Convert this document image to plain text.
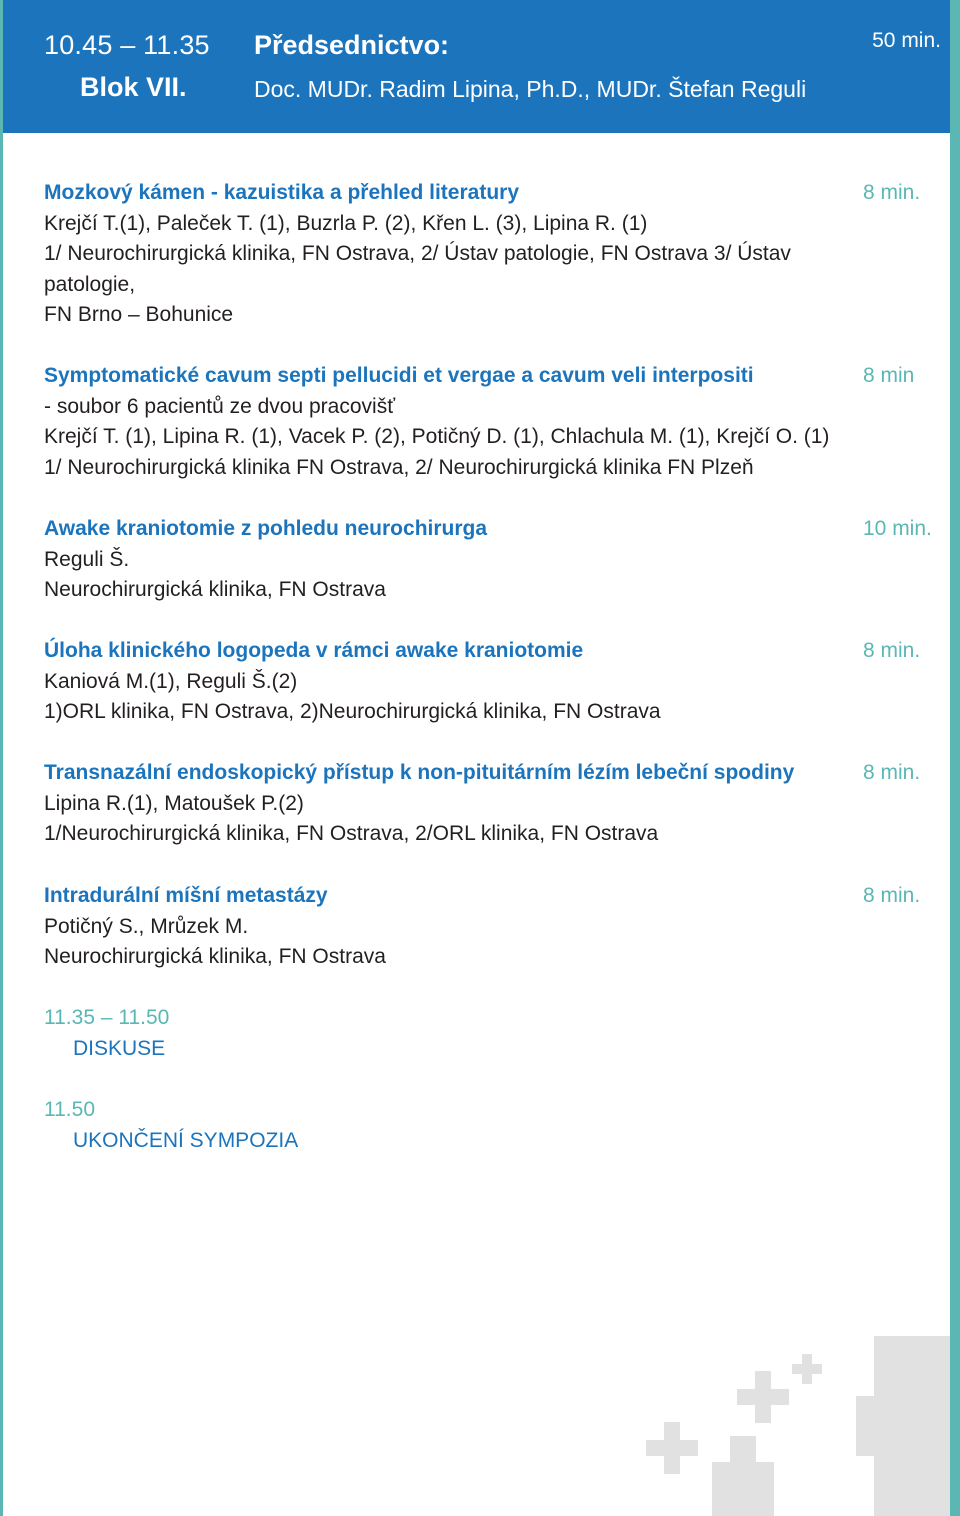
10.45 – 11.35
Blok VII.
Předsednictvo:
Doc. MUDr. Radim Lipina, Ph.D., MUDr. Štefan Reguli
50 min.
Mozkový kámen - kazuistika a přehled literatury
Krejčí T.(1), Paleček T. (1), Buzrla P. (2), Křen L. (3), Lipina R. (1)
1/ Neurochirurgická klinika, FN Ostrava, 2/ Ústav patologie, FN Ostrava 3/ Ústav
patologie,
FN Brno – Bohunice
8 min.
Symptomatické cavum septi pellucidi et vergae a cavum veli interpositi
- soubor 6 pacientů ze dvou pracovišť
Krejčí T. (1), Lipina R. (1), Vacek P. (2), Potičný D. (1), Chlachula M. (1), Krejčí O. (1)
1/ Neurochirurgická klinika FN Ostrava, 2/ Neurochirurgická klinika FN Plzeň
8 min
Awake kraniotomie z pohledu neurochirurga
Reguli Š.
Neurochirurgická klinika, FN Ostrava
10 min.
Úloha klinického logopeda v rámci awake kraniotomie
Kaniová M.(1), Reguli Š.(2)
1)ORL klinika, FN Ostrava, 2)Neurochirurgická klinika, FN Ostrava
8 min.
Transnazální endoskopický přístup k non-pituitárním lézím lebeční spodiny
Lipina R.(1), Matoušek P.(2)
1/Neurochirurgická klinika, FN Ostrava, 2/ORL klinika, FN Ostrava
8 min.
Intradurální míšní metastázy
Potičný S., Mrůzek M.
Neurochirurgická klinika, FN Ostrava
8 min.
11.35 – 11.50
DISKUSE
11.50
UKONČENÍ SYMPOZIA
